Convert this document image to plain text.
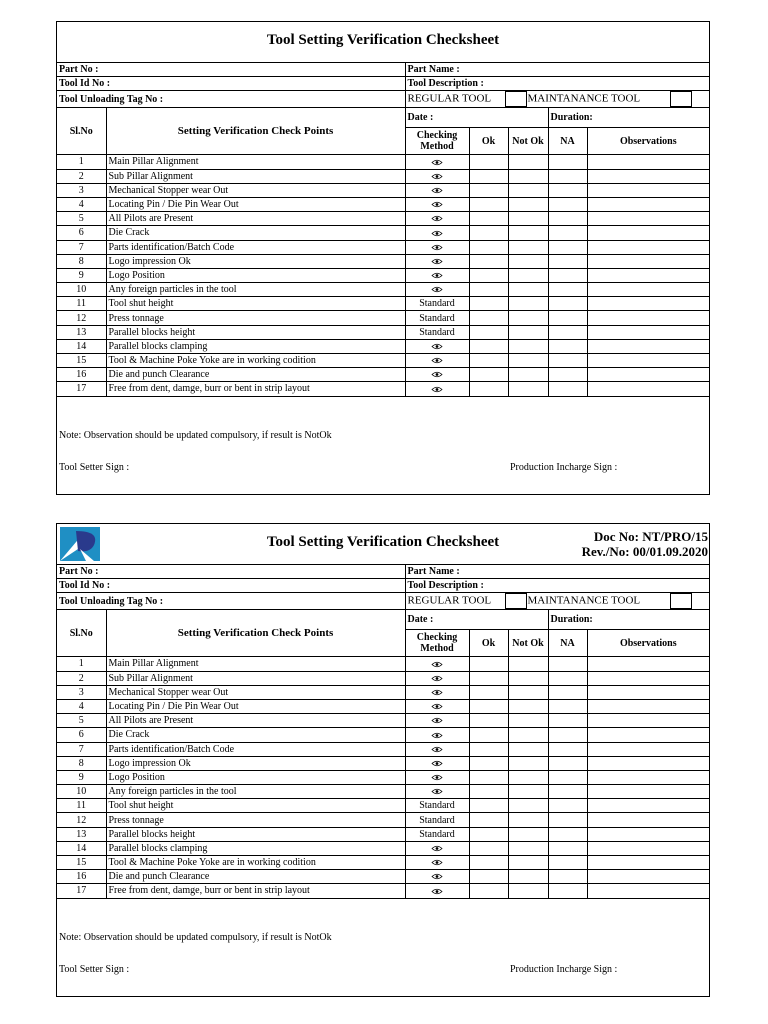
Tool Setting Verification Checksheet
Part No :		Part Name :				
Tool Id No :		Tool Description :				
Tool Unloading Tag No :		REGULAR TOOL MAINTANANCE TOOL				
Sl.No	Setting Verification Check Points	Date :			Duration:	
		Checking Method	Ok	Not Ok	NA	Observations
1	Main Pillar Alignment					
2	Sub Pillar Alignment					
3	Mechanical Stopper wear Out					
4	Locating Pin / Die Pin Wear Out					
5	All Pilots are Present					
6	Die Crack					
7	Parts identification/Batch Code					
8	Logo impression Ok					
9	Logo Position					
10	Any foreign particles in the tool					
11	Tool shut height	Standard				
12	Press tonnage	Standard				
13	Parallel blocks height	Standard				
14	Parallel blocks clamping					
15	Tool & Machine Poke Yoke are in working codition					
16	Die and punch Clearance					
17	Free from dent, damge, burr or bent in strip layout					
Note: Observation should be updated compulsory, if result is NotOk
Tool Setter Sign :	Production Incharge Sign :
Tool Setting Verification Checksheet	Doc No: NT/PRO/15
Rev./No: 00/01.09.2020
Part No :		Part Name :				
Tool Id No :		Tool Description :				
Tool Unloading Tag No :		REGULAR TOOL MAINTANANCE TOOL				
Sl.No	Setting Verification Check Points	Date :			Duration:	
		Checking Method	Ok	Not Ok	NA	Observations
1	Main Pillar Alignment					
2	Sub Pillar Alignment					
3	Mechanical Stopper wear Out					
4	Locating Pin / Die Pin Wear Out					
5	All Pilots are Present					
6	Die Crack					
7	Parts identification/Batch Code					
8	Logo impression Ok					
9	Logo Position					
10	Any foreign particles in the tool					
11	Tool shut height	Standard				
12	Press tonnage	Standard				
13	Parallel blocks height	Standard				
14	Parallel blocks clamping					
15	Tool & Machine Poke Yoke are in working codition					
16	Die and punch Clearance					
17	Free from dent, damge, burr or bent in strip layout					
Note: Observation should be updated compulsory, if result is NotOk
Tool Setter Sign :	Production Incharge Sign :
